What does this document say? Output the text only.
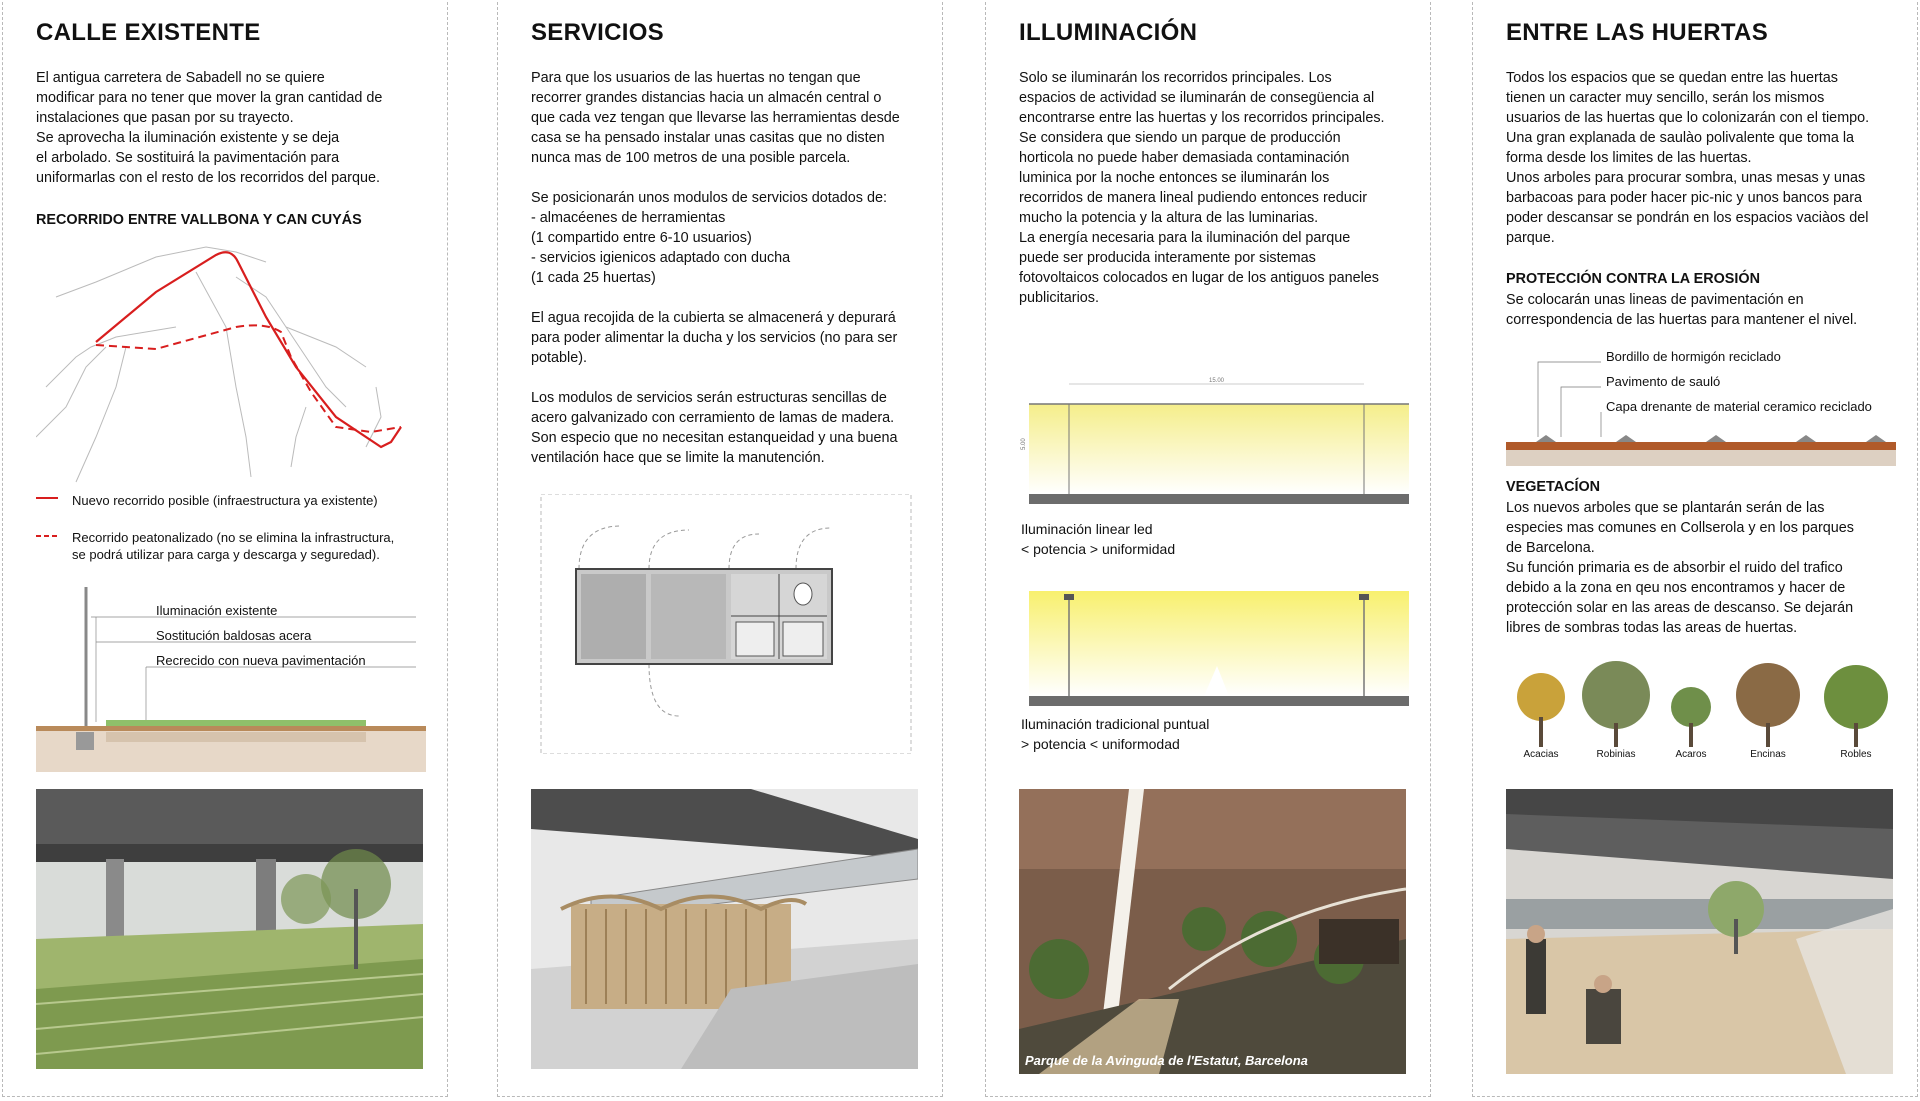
CALLE EXISTENTE
El antigua carretera de Sabadell no se quiere
modificar para no tener que mover la gran cantidad de
instalaciones que pasan por su trayecto.
Se aprovecha la iluminación existente y se deja
el arbolado. Se sostituirá la pavimentación para
uniformarlas con el resto de los recorridos del parque.
RECORRIDO ENTRE VALLBONA Y CAN CUYÁS
Nuevo recorrido posible (infraestructura ya existente)
Recorrido peatonalizado (no se elimina la infrastructura,
se podrá utilizar para carga y descarga y seguredad).
Iluminación existente
Sostitución baldosas acera
Recrecido con nueva pavimentación
SERVICIOS
Para que los usuarios de las huertas no tengan que
recorrer grandes distancias hacia un almacén central o
que cada vez tengan que llevarse las herramientas desde
casa se ha pensado instalar unas casitas que no disten
nunca mas de 100 metros de una posible parcela.

Se posicionarán unos modulos de servicios dotados de:
- almacéenes de herramientas
(1 compartido entre 6-10 usuarios)
- servicios igienicos adaptado con ducha
(1 cada 25 huertas)

El agua recojida de la cubierta se almacenerá y depurará
para poder alimentar la ducha y los servicios (no para ser
potable).

Los modulos de servicios serán estructuras sencillas de
acero galvanizado con cerramiento de lamas de madera.
Son especio que no necesitan estanqueidad y una buena
ventilación hace que se limite la manutención.
ILLUMINACIÓN
Solo se iluminarán los recorridos principales. Los
espacios de actividad se iluminarán de consegüencia al
encontrarse entre las huertas y los recorridos principales.
Se considera que siendo un parque de producción
horticola no puede haber demasiada contaminación
luminica por la noche entonces se iluminarán los
recorridos de manera lineal pudiendo entonces reducir
mucho la potencia y la altura de las luminarias.
La energía necesaria para la iluminación del parque
puede ser producida interamente por sistemas
fotovoltaicos colocados en lugar de los antiguos paneles
publicitarios.
15.00
5.00
Iluminación linear led
< potencia > uniformidad
Iluminación tradicional puntual
> potencia < uniformodad
Parque de la Avinguda de l'Estatut, Barcelona
ENTRE LAS HUERTAS
Todos los espacios que se quedan entre las huertas
tienen un caracter muy sencillo, serán los mismos
usuarios de las huertas que lo colonizarán con el tiempo.
Una gran explanada de saulào polivalente que toma la
forma desde los limites de las huertas.
Unos arboles para procurar sombra, unas mesas y unas
barbacoas para poder hacer pic-nic y unos bancos para
poder descansar se pondrán en los espacios vaciàos del
parque.
PROTECCIÓN CONTRA LA EROSIÓN
Se colocarán unas lineas de pavimentación en
correspondencia de las huertas para mantener el nivel.
Bordillo de hormigón reciclado
Pavimento de sauló
Capa drenante de material ceramico reciclado
VEGETACÍON
Los nuevos arboles que se plantarán serán de las
especies mas comunes en Collserola y en los parques
de Barcelona.
Su función primaria es de absorbir el ruido del trafico
debido a la zona en qeu nos encontramos y hacer de
protección solar en las areas de descanso. Se dejarán
libres de sombras todas las areas de huertas.
Acacias	Robinias	Acaros	Encinas	Robles
